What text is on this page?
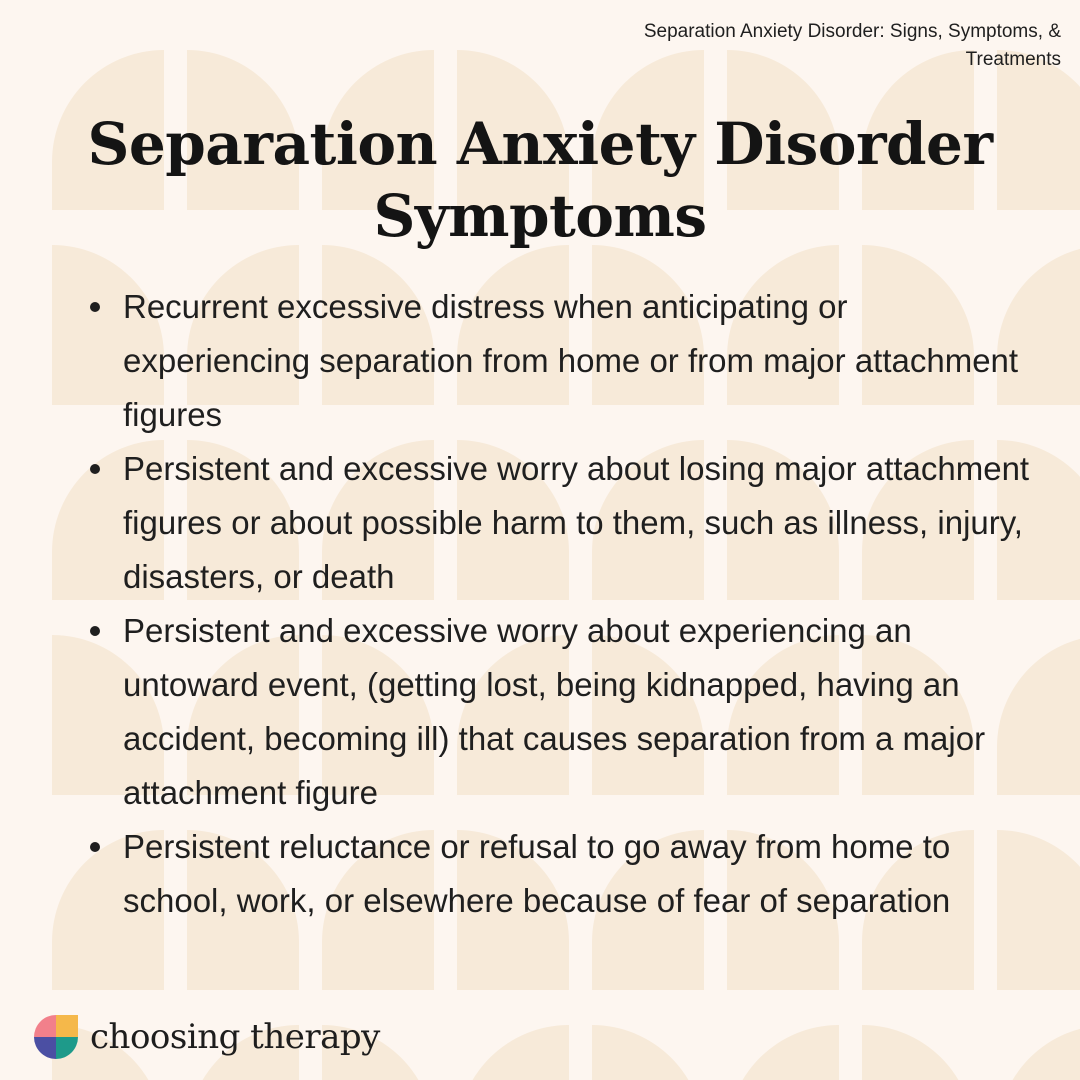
Separation Anxiety Disorder: Signs, Symptoms, & Treatments
Separation Anxiety Disorder Symptoms
Recurrent excessive distress when anticipating or experiencing separation from home or from major attachment figures
Persistent and excessive worry about losing major attachment figures or about possible harm to them, such as illness, injury, disasters, or death
Persistent and excessive worry about experiencing an untoward event, (getting lost, being kidnapped, having an accident, becoming ill) that causes separation from a major attachment figure
Persistent reluctance or refusal to go away from home to school, work, or elsewhere because of fear of separation
choosing therapy
